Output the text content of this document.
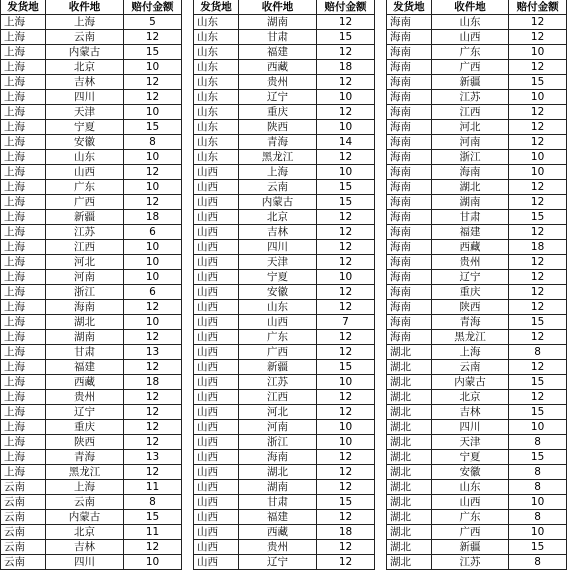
发货地	收件地	赔付金额
上海	上海	5
上海	云南	12
上海	内蒙古	15
上海	北京	10
上海	吉林	12
上海	四川	12
上海	天津	10
上海	宁夏	15
上海	安徽	8
上海	山东	10
上海	山西	12
上海	广东	10
上海	广西	12
上海	新疆	18
上海	江苏	6
上海	江西	10
上海	河北	10
上海	河南	10
上海	浙江	6
上海	海南	12
上海	湖北	10
上海	湖南	12
上海	甘肃	13
上海	福建	12
上海	西藏	18
上海	贵州	12
上海	辽宁	12
上海	重庆	12
上海	陕西	12
上海	青海	13
上海	黑龙江	12
云南	上海	11
云南	云南	8
云南	内蒙古	15
云南	北京	11
云南	吉林	12
云南	四川	10
发货地	收件地	赔付金额
山东	湖南	12
山东	甘肃	15
山东	福建	12
山东	西藏	18
山东	贵州	12
山东	辽宁	10
山东	重庆	12
山东	陕西	10
山东	青海	14
山东	黑龙江	12
山西	上海	10
山西	云南	15
山西	内蒙古	15
山西	北京	12
山西	吉林	12
山西	四川	12
山西	天津	12
山西	宁夏	10
山西	安徽	12
山西	山东	12
山西	山西	7
山西	广东	12
山西	广西	12
山西	新疆	15
山西	江苏	10
山西	江西	12
山西	河北	12
山西	河南	10
山西	浙江	10
山西	海南	12
山西	湖北	12
山西	湖南	12
山西	甘肃	15
山西	福建	12
山西	西藏	18
山西	贵州	12
山西	辽宁	12
发货地	收件地	赔付金额
海南	山东	12
海南	山西	12
海南	广东	10
海南	广西	12
海南	新疆	15
海南	江苏	10
海南	江西	12
海南	河北	12
海南	河南	12
海南	浙江	10
海南	海南	10
海南	湖北	12
海南	湖南	12
海南	甘肃	15
海南	福建	12
海南	西藏	18
海南	贵州	12
海南	辽宁	12
海南	重庆	12
海南	陕西	12
海南	青海	15
海南	黑龙江	12
湖北	上海	8
湖北	云南	12
湖北	内蒙古	15
湖北	北京	12
湖北	吉林	15
湖北	四川	10
湖北	天津	8
湖北	宁夏	15
湖北	安徽	8
湖北	山东	8
湖北	山西	10
湖北	广东	8
湖北	广西	10
湖北	新疆	15
湖北	江苏	8
